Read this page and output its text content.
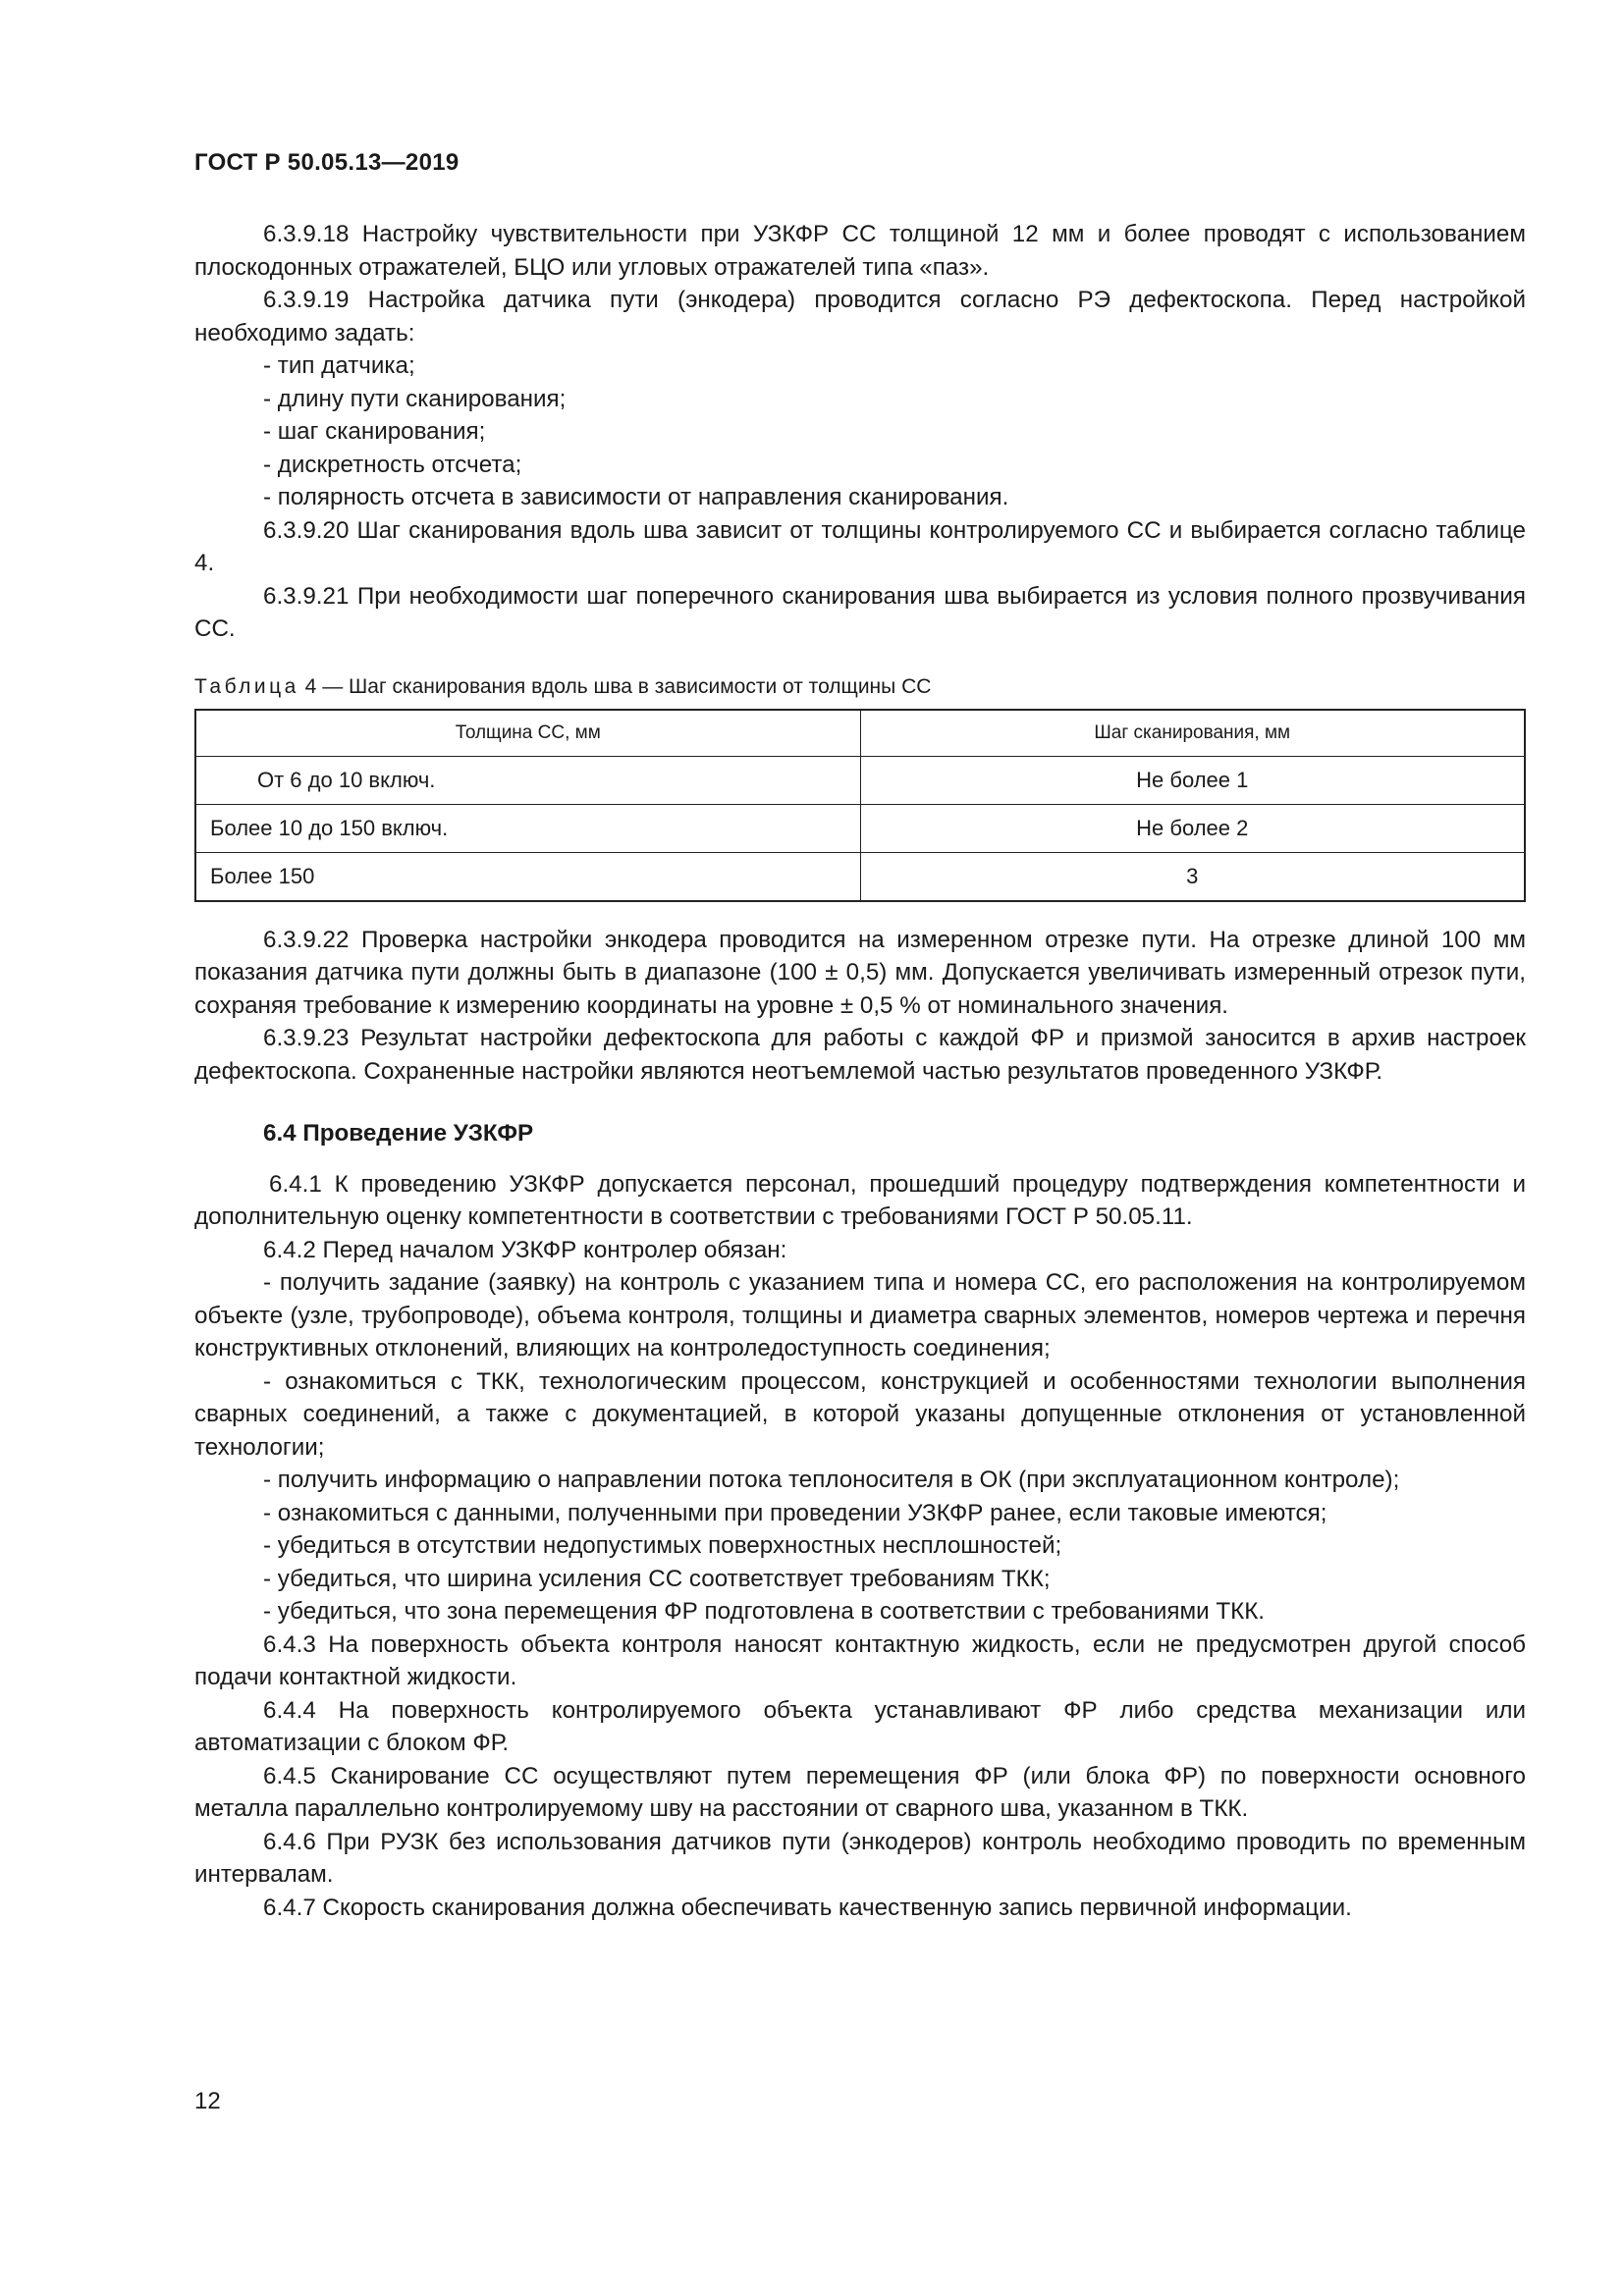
ГОСТ Р 50.05.13—2019

6.3.9.18 Настройку чувствительности при УЗКФР СС толщиной 12 мм и более проводят с использованием плоскодонных отражателей, БЦО или угловых отражателей типа «паз».

6.3.9.19 Настройка датчика пути (энкодера) проводится согласно РЭ дефектоскопа. Перед настройкой необходимо задать:

- тип датчика;

- длину пути сканирования;

- шаг сканирования;

- дискретность отсчета;

- полярность отсчета в зависимости от направления сканирования.

6.3.9.20 Шаг сканирования вдоль шва зависит от толщины контролируемого СС и выбирается согласно таблице 4.

6.3.9.21 При необходимости шаг поперечного сканирования шва выбирается из условия полного прозвучивания СС.

Таблица 4 — Шаг сканирования вдоль шва в зависимости от толщины СС
Толщина СС, мм	Шаг сканирования, мм
От 6 до 10 включ.	Не более 1
Более 10 до 150 включ.	Не более 2
Более 150	3

6.3.9.22 Проверка настройки энкодера проводится на измеренном отрезке пути. На отрезке длиной 100 мм показания датчика пути должны быть в диапазоне (100 ± 0,5) мм. Допускается увеличивать измеренный отрезок пути, сохраняя требование к измерению координаты на уровне ± 0,5 % от номинального значения.

6.3.9.23 Результат настройки дефектоскопа для работы с каждой ФР и призмой заносится в архив настроек дефектоскопа. Сохраненные настройки являются неотъемлемой частью результатов проведенного УЗКФР.

6.4 Проведение УЗКФР

6.4.1 К проведению УЗКФР допускается персонал, прошедший процедуру подтверждения компетентности и дополнительную оценку компетентности в соответствии с требованиями ГОСТ Р 50.05.11.

6.4.2 Перед началом УЗКФР контролер обязан:

- получить задание (заявку) на контроль с указанием типа и номера СС, его расположения на контролируемом объекте (узле, трубопроводе), объема контроля, толщины и диаметра сварных элементов, номеров чертежа и перечня конструктивных отклонений, влияющих на контроледоступность соединения;

- ознакомиться с ТКК, технологическим процессом, конструкцией и особенностями технологии выполнения сварных соединений, а также с документацией, в которой указаны допущенные отклонения от установленной технологии;

- получить информацию о направлении потока теплоносителя в ОК (при эксплуатационном контроле);

- ознакомиться с данными, полученными при проведении УЗКФР ранее, если таковые имеются;

- убедиться в отсутствии недопустимых поверхностных несплошностей;

- убедиться, что ширина усиления СС соответствует требованиям ТКК;

- убедиться, что зона перемещения ФР подготовлена в соответствии с требованиями ТКК.

6.4.3 На поверхность объекта контроля наносят контактную жидкость, если не предусмотрен другой способ подачи контактной жидкости.

6.4.4 На поверхность контролируемого объекта устанавливают ФР либо средства механизации или автоматизации с блоком ФР.

6.4.5 Сканирование СС осуществляют путем перемещения ФР (или блока ФР) по поверхности основного металла параллельно контролируемому шву на расстоянии от сварного шва, указанном в ТКК.

6.4.6 При РУЗК без использования датчиков пути (энкодеров) контроль необходимо проводить по временным интервалам.

6.4.7 Скорость сканирования должна обеспечивать качественную запись первичной информации.

12
